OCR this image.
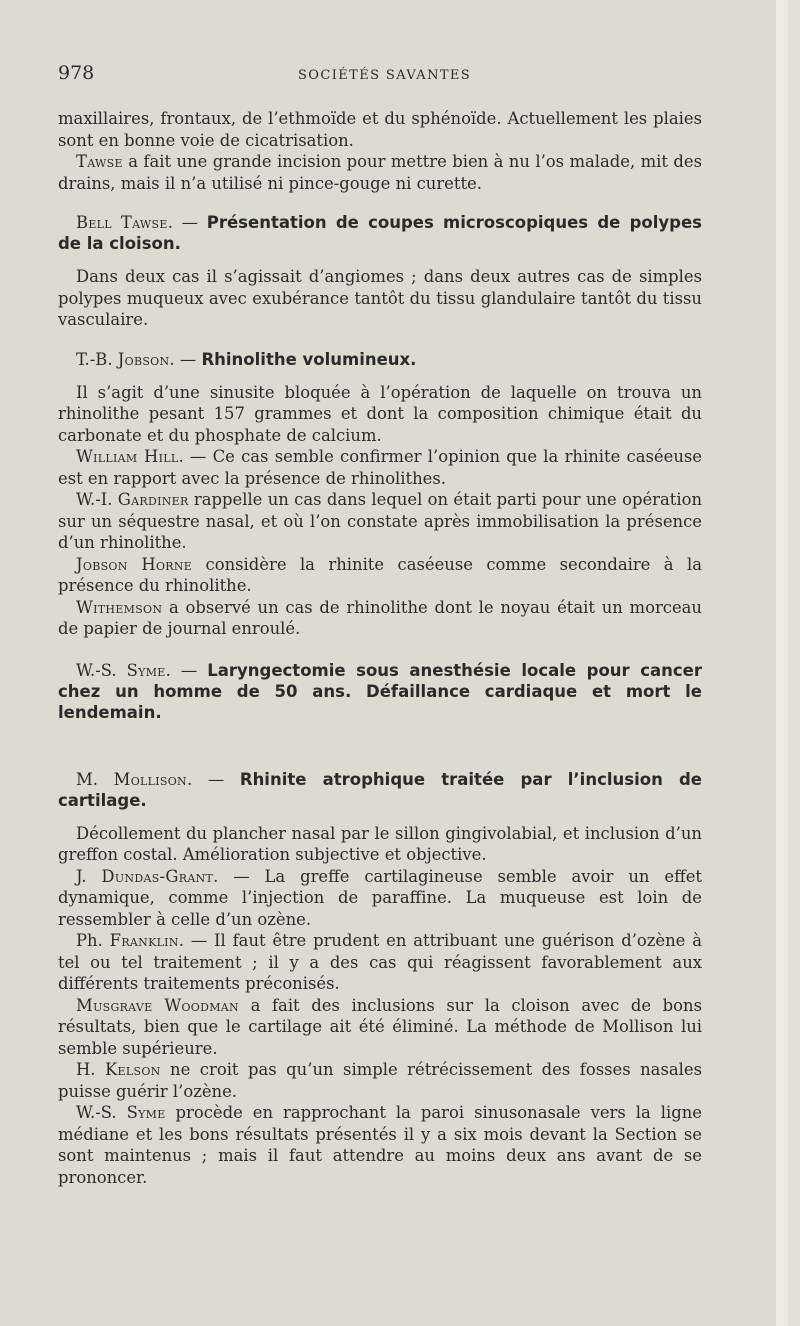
978	SOCIÉTÉS SAVANTES

maxillaires, frontaux, de l’ethmoïde et du sphénoïde. Actuellement les plaies sont en bonne voie de cicatrisation.

Tawse a fait une grande incision pour mettre bien à nu l’os malade, mit des drains, mais il n’a utilisé ni pince-gouge ni curette.

Bell Tawse. — Présentation de coupes microscopiques de polypes de la cloison.

Dans deux cas il s’agissait d’angiomes ; dans deux autres cas de simples polypes muqueux avec exubérance tantôt du tissu glandulaire tantôt du tissu vasculaire.

T.-B. Jobson. — Rhinolithe volumineux.

Il s’agit d’une sinusite bloquée à l’opération de laquelle on trouva un rhinolithe pesant 157 grammes et dont la composition chimique était du carbonate et du phosphate de calcium.

William Hill. — Ce cas semble confirmer l’opinion que la rhinite caséeuse est en rapport avec la présence de rhinolithes.

W.-I. Gardiner rappelle un cas dans lequel on était parti pour une opération sur un séquestre nasal, et où l’on constate après immobilisation la présence d’un rhinolithe.

Jobson Horne considère la rhinite caséeuse comme secondaire à la présence du rhinolithe.

Withemson a observé un cas de rhinolithe dont le noyau était un morceau de papier de journal enroulé.

W.-S. Syme. — Laryngectomie sous anesthésie locale pour cancer chez un homme de 50 ans. Défaillance cardiaque et mort le lendemain.

M. Mollison. — Rhinite atrophique traitée par l’inclusion de cartilage.

Décollement du plancher nasal par le sillon gingivolabial, et inclusion d’un greffon costal. Amélioration subjective et objective.

J. Dundas-Grant. — La greffe cartilagineuse semble avoir un effet dynamique, comme l’injection de paraffine. La muqueuse est loin de ressembler à celle d’un ozène.

Ph. Franklin. — Il faut être prudent en attribuant une guérison d’ozène à tel ou tel traitement ; il y a des cas qui réagissent favorablement aux différents traitements préconisés.

Musgrave Woodman a fait des inclusions sur la cloison avec de bons résultats, bien que le cartilage ait été éliminé. La méthode de Mollison lui semble supérieure.

H. Kelson ne croit pas qu’un simple rétrécissement des fosses nasales puisse guérir l’ozène.

W.-S. Syme procède en rapprochant la paroi sinusonasale vers la ligne médiane et les bons résultats présentés il y a six mois devant la Section se sont maintenus ; mais il faut attendre au moins deux ans avant de se prononcer.
